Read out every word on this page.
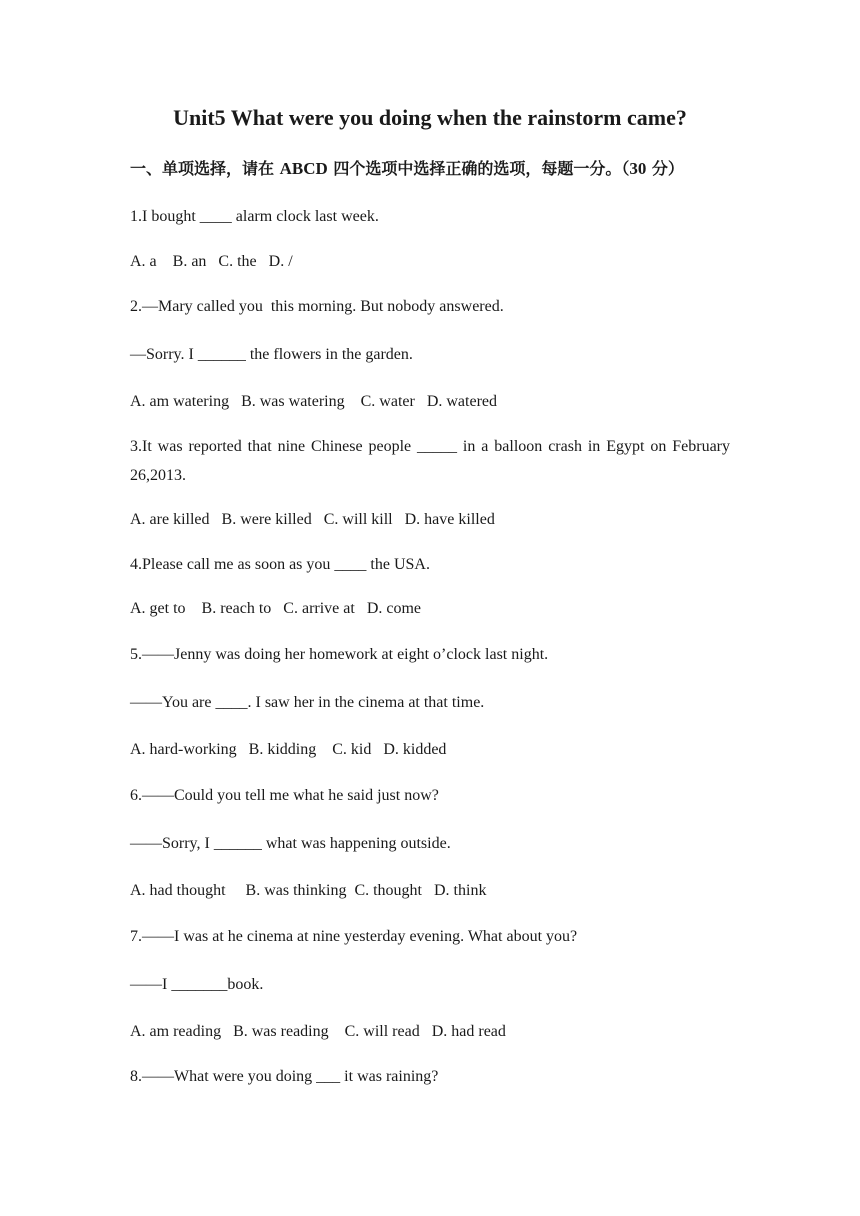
Unit5 What were you doing when the rainstorm came?
一、单项选择，请在 ABCD 四个选项中选择正确的选项，每题一分。（30 分）
1.I bought ____ alarm clock last week.
A. a    B. an   C. the   D. /
2.—Mary called you  this morning. But nobody answered.
—Sorry. I ______ the flowers in the garden.
A. am watering   B. was watering    C. water   D. watered
3.It was reported that nine Chinese people _____ in a balloon crash in Egypt on February 26,2013.
A. are killed   B. were killed   C. will kill   D. have killed
4.Please call me as soon as you ____ the USA.
A. get to    B. reach to   C. arrive at   D. come
5.——Jenny was doing her homework at eight o’clock last night.
——You are ____. I saw her in the cinema at that time.
A. hard-working   B. kidding    C. kid   D. kidded
6.——Could you tell me what he said just now?
——Sorry, I ______ what was happening outside.
A. had thought     B. was thinking  C. thought   D. think
7.——I was at he cinema at nine yesterday evening. What about you?
——I _______book.
A. am reading   B. was reading    C. will read   D. had read
8.——What were you doing ___ it was raining?
